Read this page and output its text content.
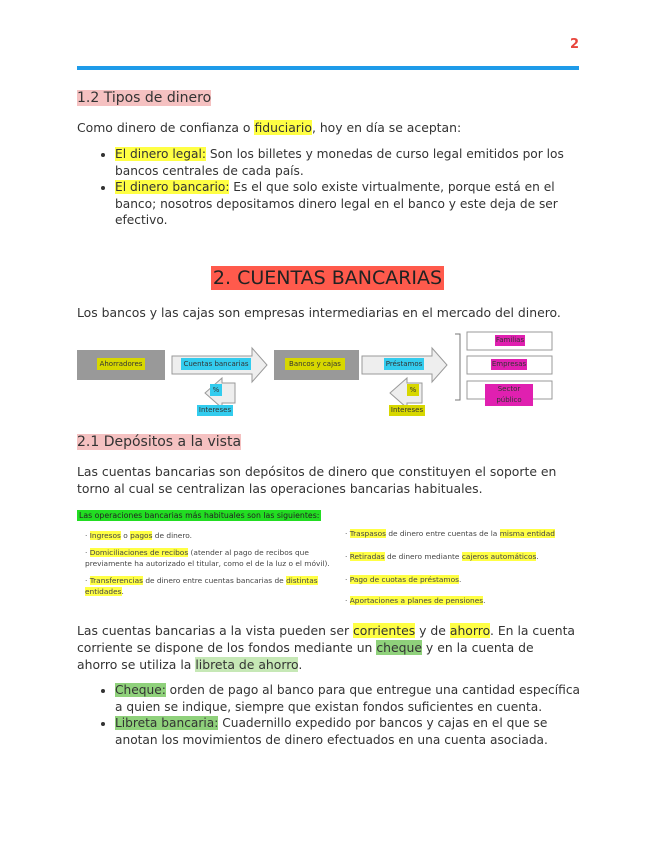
2
1.2 Tipos de dinero

Como dinero de confianza o fiduciario, hoy en día se aceptan:

• El dinero legal: Son los billetes y monedas de curso legal emitidos por los bancos centrales de cada país.
• El dinero bancario: Es el que solo existe virtualmente, porque está en el banco; nosotros depositamos dinero legal en el banco y este deja de ser efectivo.
2. CUENTAS BANCARIAS

Los bancos y las cajas son empresas intermediarias en el mercado del dinero.

Ahorradores	Cuentas bancarias	Bancos y cajas	Préstamos
%	%
Intereses	Intereses
Familias
Empresas
Sector público
2.1 Depósitos a la vista

Las cuentas bancarias son depósitos de dinero que constituyen el soporte en torno al cual se centralizan las operaciones bancarias habituales.

Las operaciones bancarias más habituales son las siguientes:
· Ingresos o pagos de dinero.
· Domiciliaciones de recibos (atender al pago de recibos que previamente ha autorizado el titular, como el de la luz o el móvil).
· Transferencias de dinero entre cuentas bancarias de distintas entidades.
· Traspasos de dinero entre cuentas de la misma entidad
· Retiradas de dinero mediante cajeros automáticos.
· Pago de cuotas de préstamos.
· Aportaciones a planes de pensiones.

Las cuentas bancarias a la vista pueden ser corrientes y de ahorro. En la cuenta corriente se dispone de los fondos mediante un cheque y en la cuenta de ahorro se utiliza la libreta de ahorro.

• Cheque: orden de pago al banco para que entregue una cantidad específica a quien se indique, siempre que existan fondos suficientes en cuenta.
• Libreta bancaria: Cuadernillo expedido por bancos y cajas en el que se anotan los movimientos de dinero efectuados en una cuenta asociada.
